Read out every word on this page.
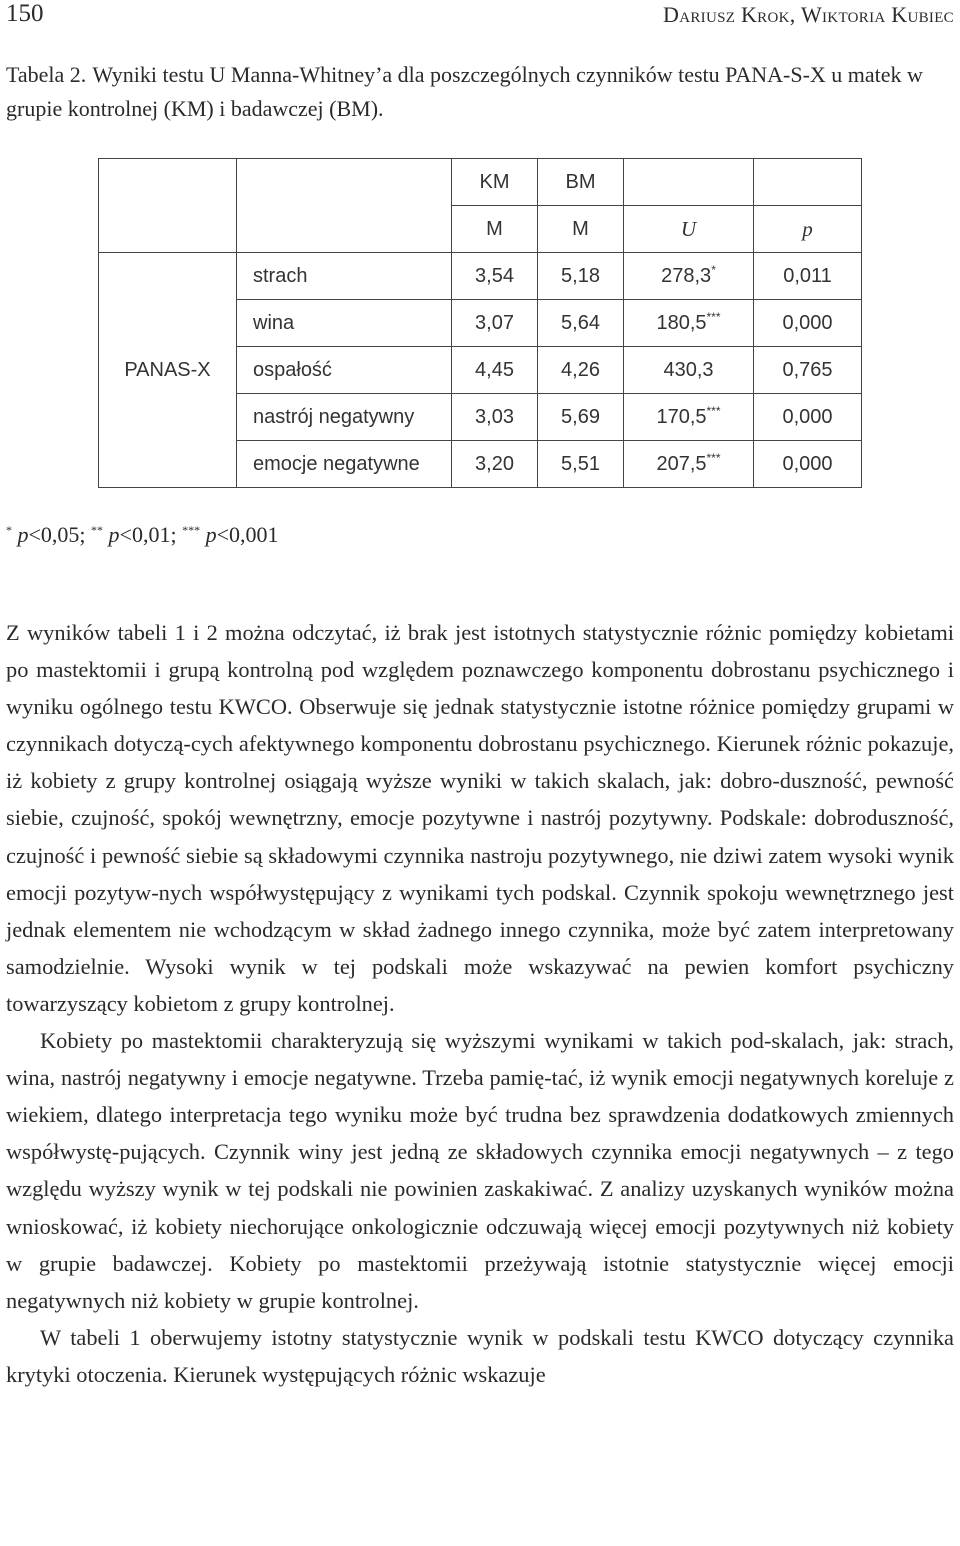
150	Dariusz Krok, Wiktoria Kubiec
Tabela 2. Wyniki testu U Manna-Whitney’a dla poszczególnych czynników testu PANA-S-X u matek w grupie kontrolnej (KM) i badawczej (BM).
		KM	BM		
		M	M	U	p
PANAS-X	strach	3,54	5,18	278,3*	0,011
	wina	3,07	5,64	180,5***	0,000
	ospałość	4,45	4,26	430,3	0,765
	nastrój negatywny	3,03	5,69	170,5***	0,000
	emocje negatywne	3,20	5,51	207,5***	0,000
* p<0,05; ** p<0,01; *** p<0,001

Z wyników tabeli 1 i 2 można odczytać, iż brak jest istotnych statystycznie różnic pomiędzy kobietami po mastektomii i grupą kontrolną pod względem poznawczego komponentu dobrostanu psychicznego i wyniku ogólnego testu KWCO. Obserwuje się jednak statystycznie istotne różnice pomiędzy grupami w czynnikach dotyczą-cych afektywnego komponentu dobrostanu psychicznego. Kierunek różnic pokazuje, iż kobiety z grupy kontrolnej osiągają wyższe wyniki w takich skalach, jak: dobro-duszność, pewność siebie, czujność, spokój wewnętrzny, emocje pozytywne i nastrój pozytywny. Podskale: dobroduszność, czujność i pewność siebie są składowymi czynnika nastroju pozytywnego, nie dziwi zatem wysoki wynik emocji pozytyw-nych współwystępujący z wynikami tych podskal. Czynnik spokoju wewnętrznego jest jednak elementem nie wchodzącym w skład żadnego innego czynnika, może być zatem interpretowany samodzielnie. Wysoki wynik w tej podskali może wskazywać na pewien komfort psychiczny towarzyszący kobietom z grupy kontrolnej.

Kobiety po mastektomii charakteryzują się wyższymi wynikami w takich pod-skalach, jak: strach, wina, nastrój negatywny i emocje negatywne. Trzeba pamię-tać, iż wynik emocji negatywnych koreluje z wiekiem, dlatego interpretacja tego wyniku może być trudna bez sprawdzenia dodatkowych zmiennych współwystę-pujących. Czynnik winy jest jedną ze składowych czynnika emocji negatywnych – z tego względu wyższy wynik w tej podskali nie powinien zaskakiwać. Z analizy uzyskanych wyników można wnioskować, iż kobiety niechorujące onkologicznie odczuwają więcej emocji pozytywnych niż kobiety w grupie badawczej. Kobiety po mastektomii przeżywają istotnie statystycznie więcej emocji negatywnych niż kobiety w grupie kontrolnej.

W tabeli 1 oberwujemy istotny statystycznie wynik w podskali testu KWCO dotyczący czynnika krytyki otoczenia. Kierunek występujących różnic wskazuje
